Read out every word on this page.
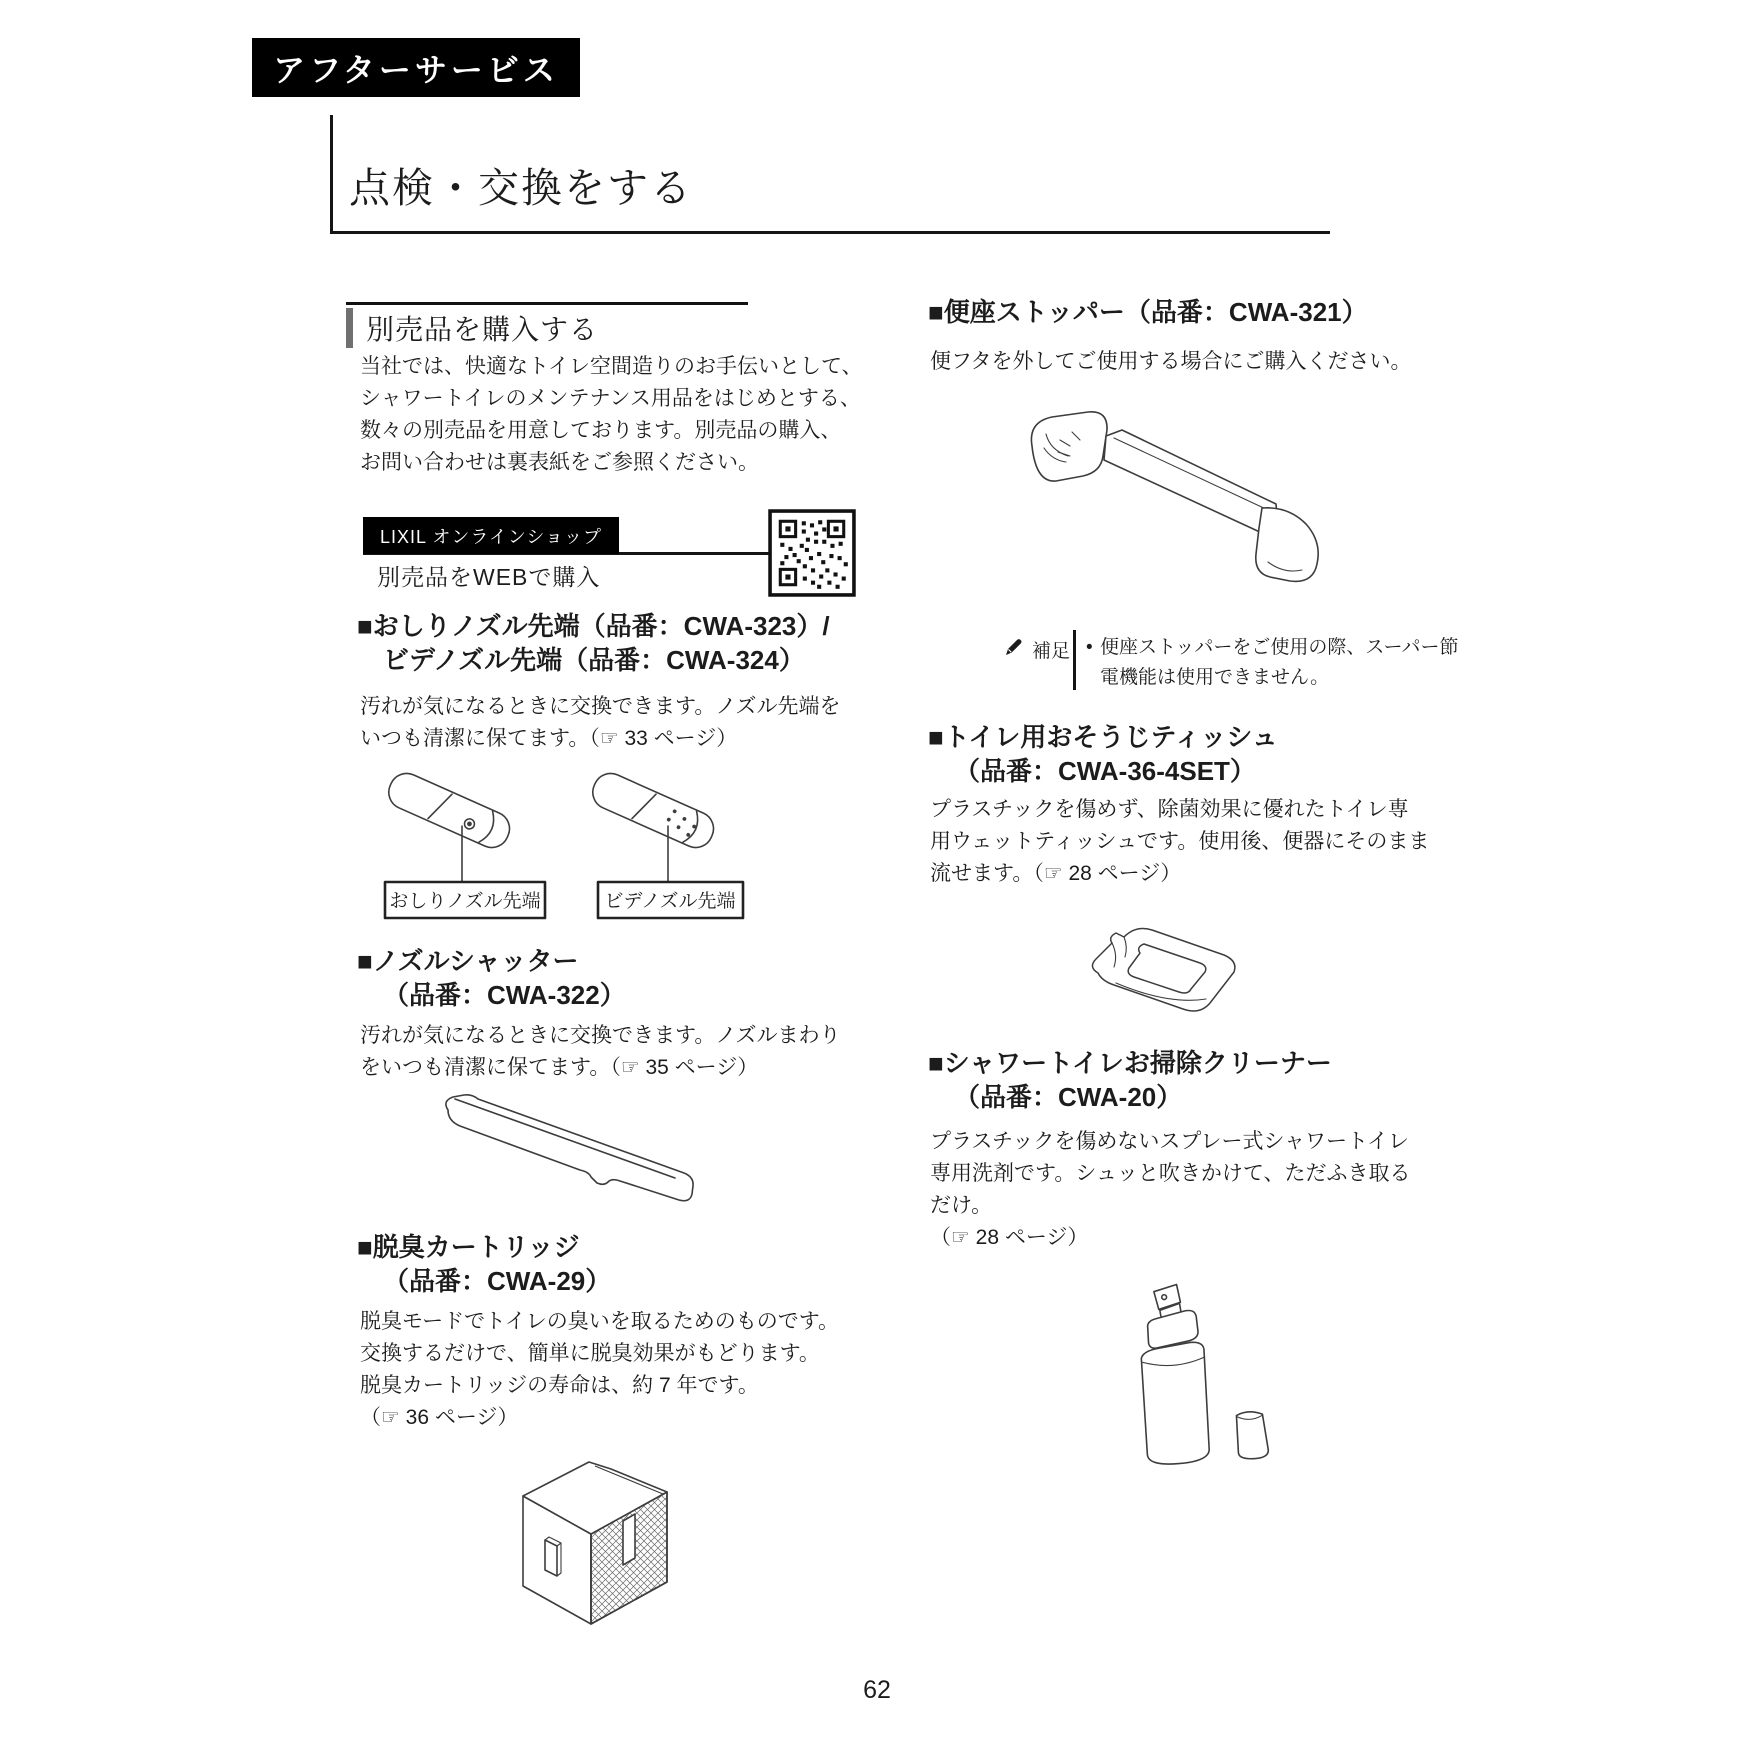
アフターサービス
点検・交換をする
別売品を購入する
当社では、快適なトイレ空間造りのお手伝いとして、
シャワートイレのメンテナンス用品をはじめとする、
数々の別売品を用意しております。別売品の購入、
お問い合わせは裏表紙をご参照ください。
LIXIL オンラインショップ
別売品をWEBで購入
■おしりノズル先端（品番：CWA-323）/
ビデノズル先端（品番：CWA-324）
汚れが気になるときに交換できます。ノズル先端を
いつも清潔に保てます。（☞ 33 ページ）
おしりノズル先端	ビデノズル先端
■ノズルシャッター
（品番：CWA-322）
汚れが気になるときに交換できます。ノズルまわり
をいつも清潔に保てます。（☞ 35 ページ）
■脱臭カートリッジ
（品番：CWA-29）
脱臭モードでトイレの臭いを取るためのものです。
交換するだけで、簡単に脱臭効果がもどります。
脱臭カートリッジの寿命は、約 7 年です。
（☞ 36 ページ）
■便座ストッパー（品番：CWA-321）
便フタを外してご使用する場合にご購入ください。
補足 • 便座ストッパーをご使用の際、スーパー節
電機能は使用できません。
■トイレ用おそうじティッシュ
（品番：CWA-36-4SET）
プラスチックを傷めず、除菌効果に優れたトイレ専
用ウェットティッシュです。使用後、便器にそのまま
流せます。（☞ 28 ページ）
■シャワートイレお掃除クリーナー
（品番：CWA-20）
プラスチックを傷めないスプレー式シャワートイレ
専用洗剤です。シュッと吹きかけて、ただふき取る
だけ。
（☞ 28 ページ）
62
